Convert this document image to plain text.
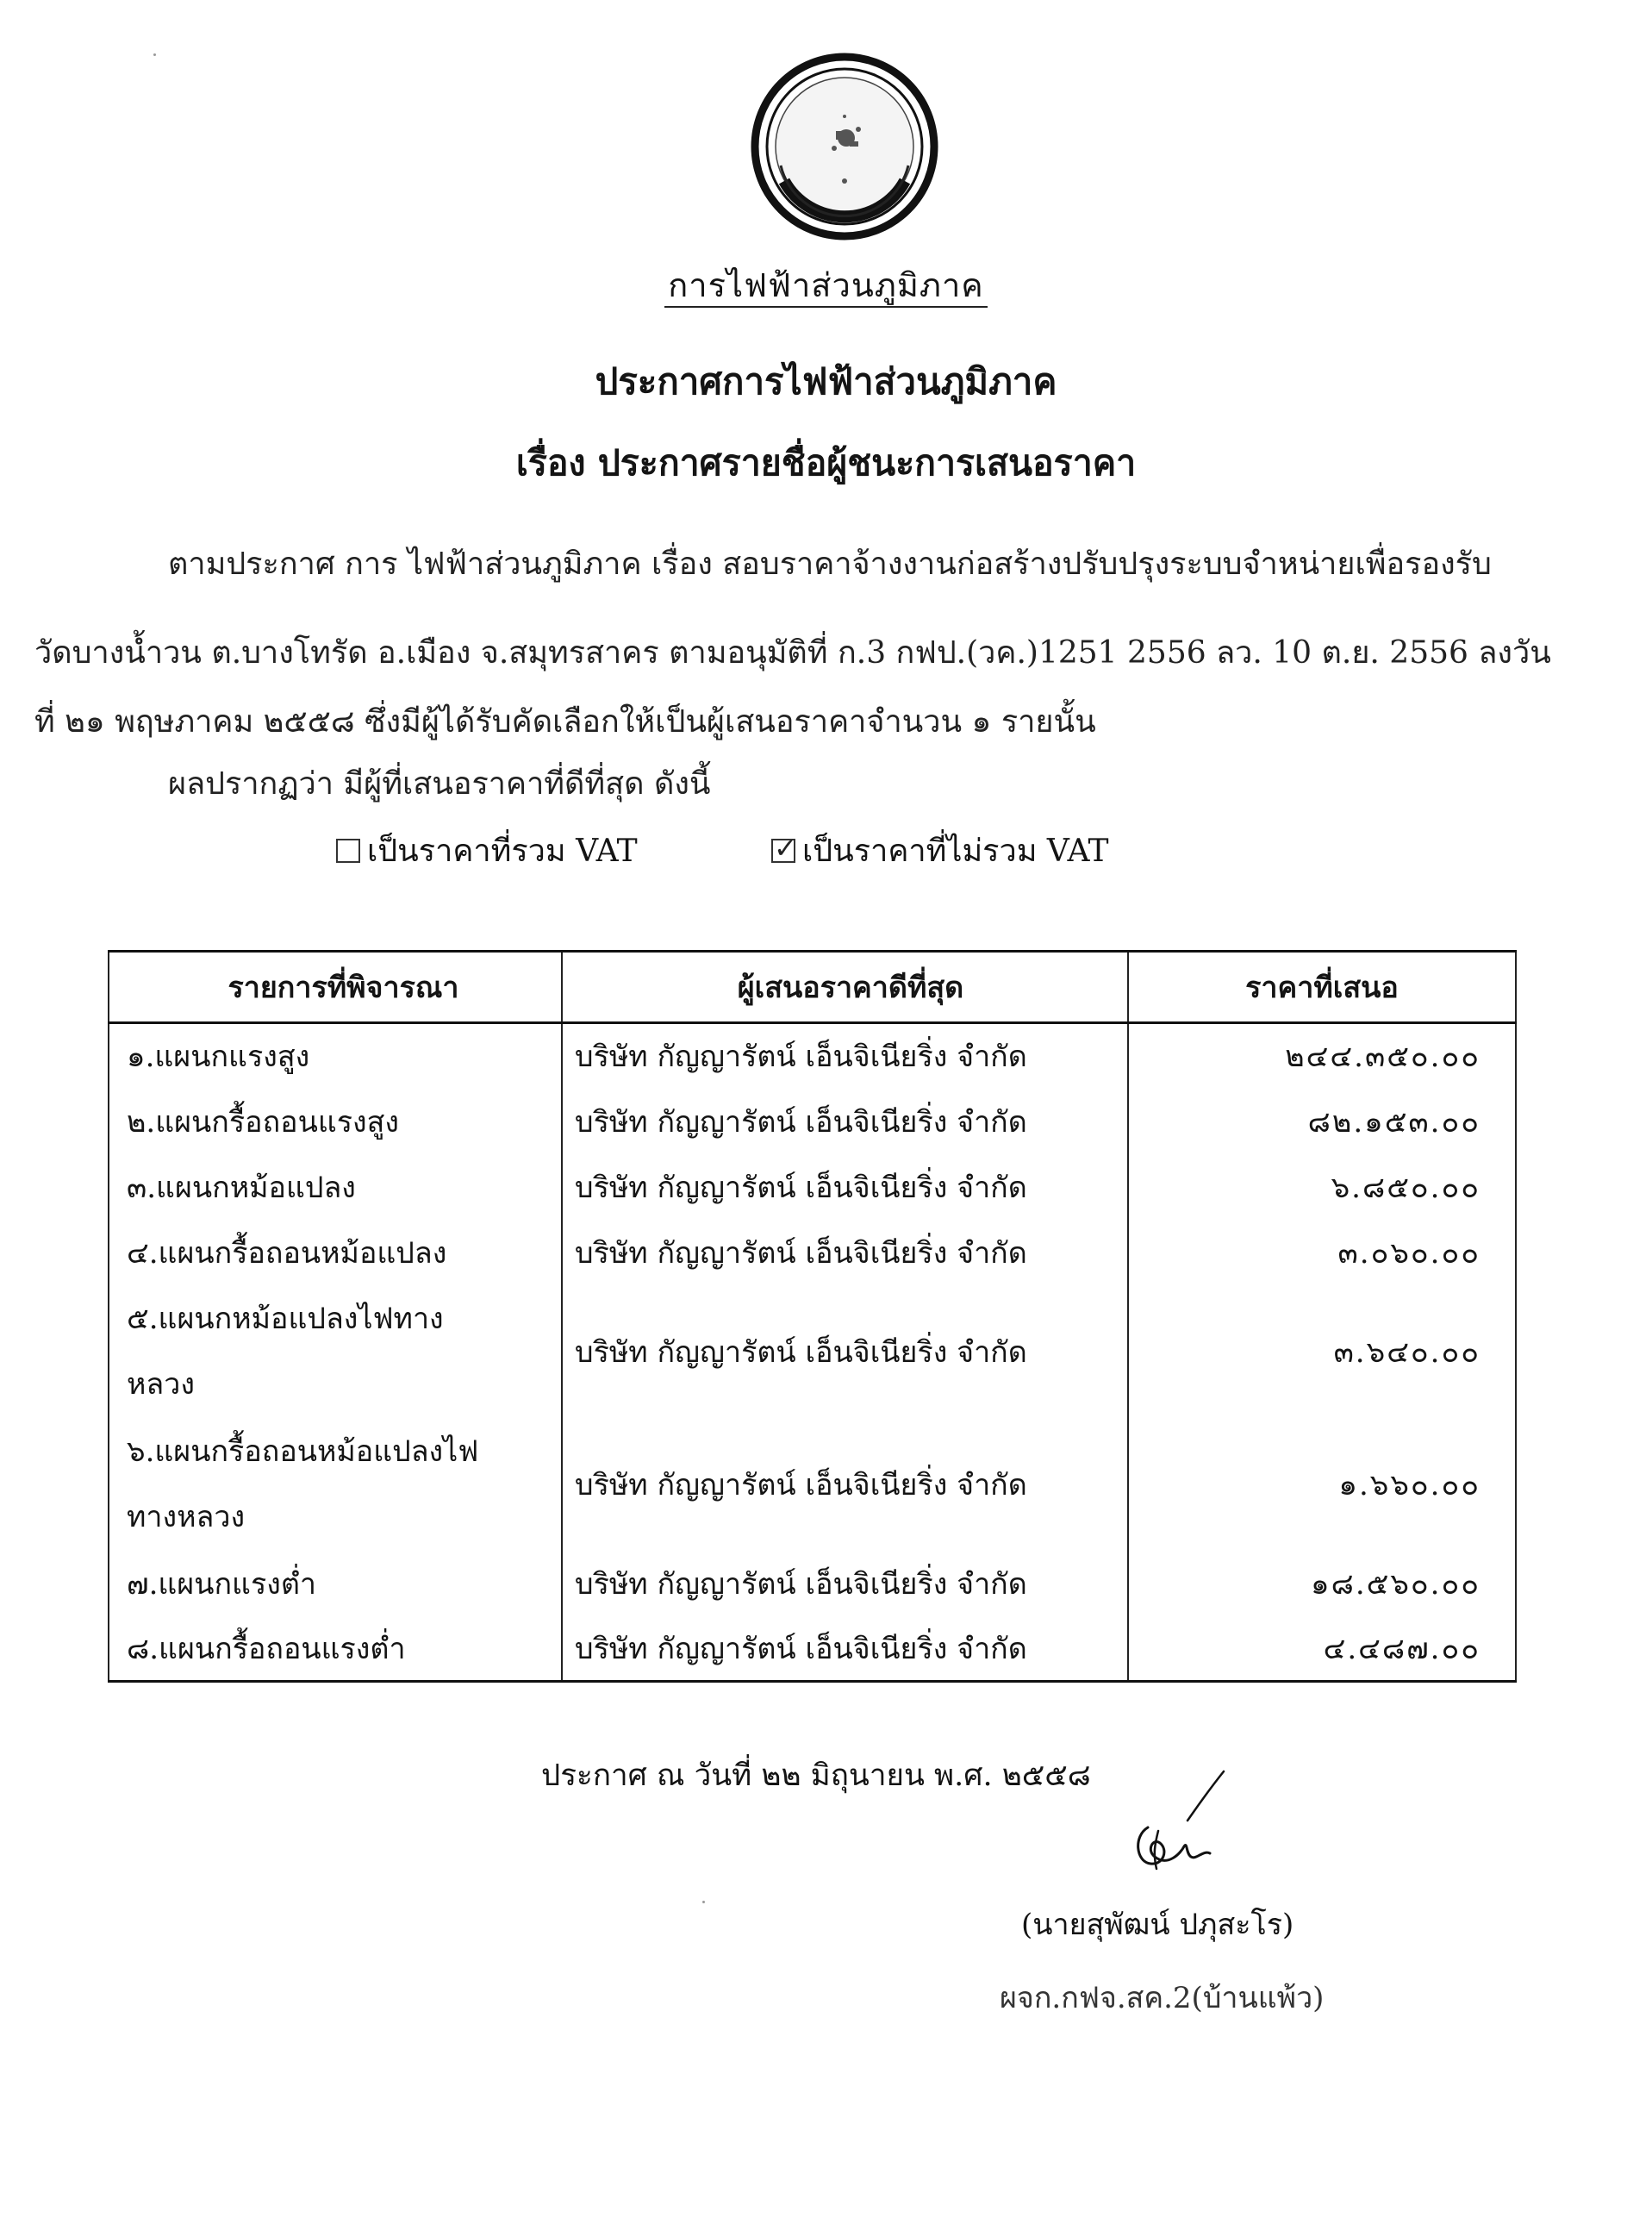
การไฟฟ้าส่วนภูมิภาค

ประกาศการไฟฟ้าส่วนภูมิภาค
เรื่อง ประกาศรายชื่อผู้ชนะการเสนอราคา
ตามประกาศ การ ไฟฟ้าส่วนภูมิภาค เรื่อง สอบราคาจ้างงานก่อสร้างปรับปรุงระบบจำหน่ายเพื่อรองรับ
วัดบางน้ำวน ต.บางโทรัด อ.เมือง จ.สมุทรสาคร ตามอนุมัติที่ ก.3 กฟป.(วค.)1251 2556 ลว. 10 ต.ย. 2556 ลงวัน
ที่ ๒๑ พฤษภาคม ๒๕๕๘ ซึ่งมีผู้ได้รับคัดเลือกให้เป็นผู้เสนอราคาจำนวน ๑ รายนั้น
ผลปรากฏว่า มีผู้ที่เสนอราคาที่ดีที่สุด ดังนี้
เป็นราคาที่รวม VAT ✓	เป็นราคาที่ไม่รวม VAT
รายการที่พิจารณา	ผู้เสนอราคาดีที่สุด	ราคาที่เสนอ
๑.แผนกแรงสูง	บริษัท กัญญารัตน์ เอ็นจิเนียริ่ง จำกัด	๒๔๔.๓๕๐.๐๐
๒.แผนกรื้อถอนแรงสูง	บริษัท กัญญารัตน์ เอ็นจิเนียริ่ง จำกัด	๘๒.๑๕๓.๐๐
๓.แผนกหม้อแปลง	บริษัท กัญญารัตน์ เอ็นจิเนียริ่ง จำกัด	๖.๘๕๐.๐๐
๔.แผนกรื้อถอนหม้อแปลง	บริษัท กัญญารัตน์ เอ็นจิเนียริ่ง จำกัด	๓.๐๖๐.๐๐

๕.แผนกหม้อแปลงไฟทาง
หลวง	บริษัท กัญญารัตน์ เอ็นจิเนียริ่ง จำกัด	๓.๖๔๐.๐๐

๖.แผนกรื้อถอนหม้อแปลงไฟ
ทางหลวง	บริษัท กัญญารัตน์ เอ็นจิเนียริ่ง จำกัด	๑.๖๖๐.๐๐
๗.แผนกแรงต่ำ	บริษัท กัญญารัตน์ เอ็นจิเนียริ่ง จำกัด	๑๘.๕๖๐.๐๐
๘.แผนกรื้อถอนแรงต่ำ	บริษัท กัญญารัตน์ เอ็นจิเนียริ่ง จำกัด	๔.๔๘๗.๐๐
ประกาศ ณ วันที่ ๒๒ มิถุนายน พ.ศ. ๒๕๕๘
(นายสุพัฒน์ ปภุสะโร)
ผจก.กฟจ.สค.2(บ้านแพ้ว)
